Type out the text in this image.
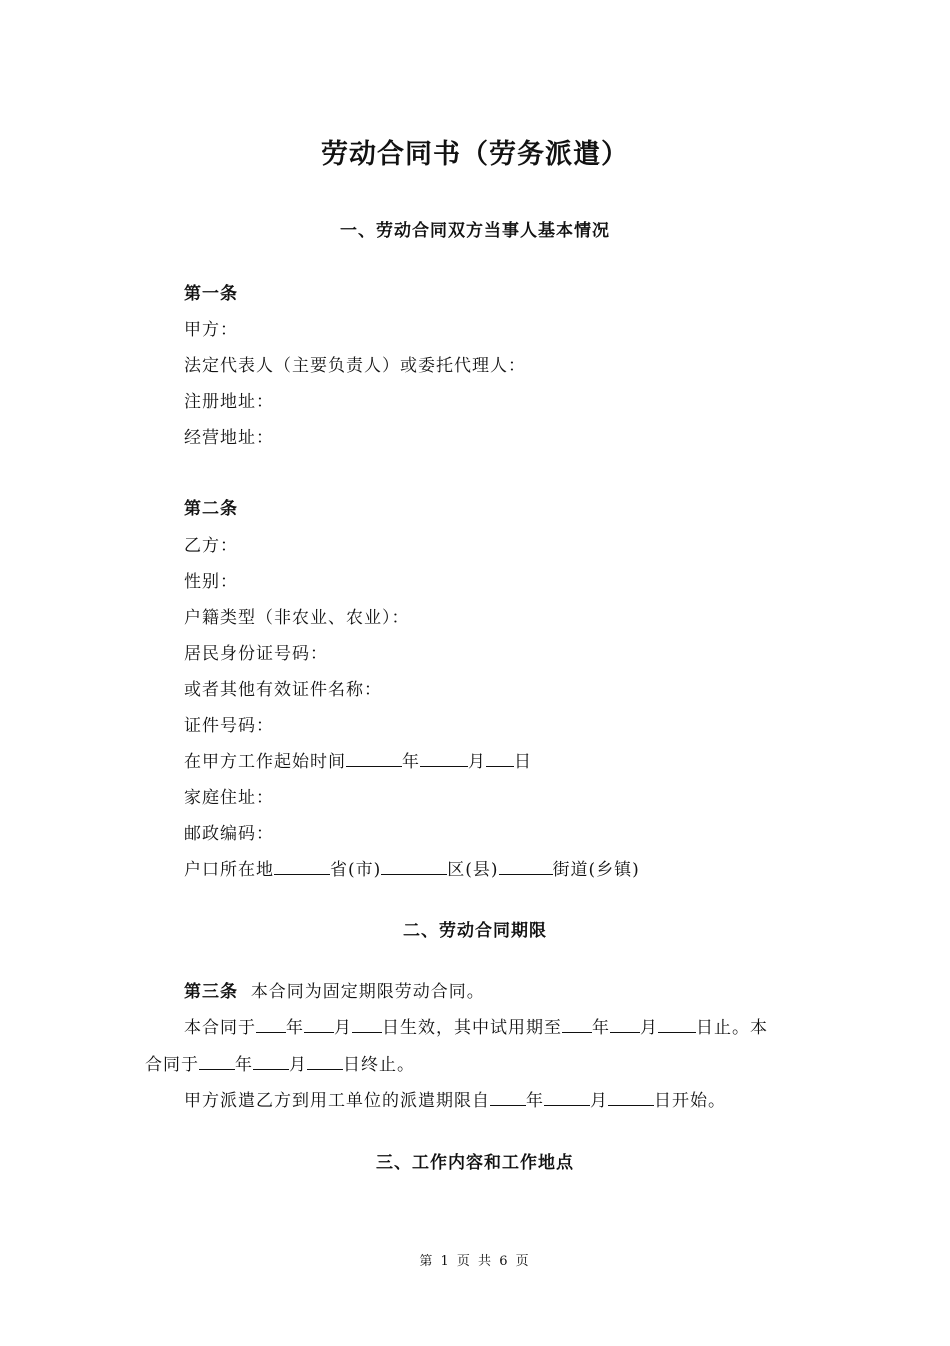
劳动合同书（劳务派遣）
一、劳动合同双方当事人基本情况
第一条
甲方：
法定代表人（主要负责人）或委托代理人：
注册地址：
经营地址：
第二条
乙方：
性别：
户籍类型（非农业、农业）：
居民身份证号码：
或者其他有效证件名称：
证件号码：
在甲方工作起始时间	年	月 日
家庭住址：
邮政编码：
户口所在地	省(市)	区(县)	街道(乡镇)
二、劳动合同期限
第三条 本合同为固定期限劳动合同。
本合同于 年 月 日生效，其中试用期至 年 月 日止。本
合同于 年 月 日终止。
甲方派遣乙方到用工单位的派遣期限自 年	月	日开始。
三、工作内容和工作地点
第 1 页 共 6 页
